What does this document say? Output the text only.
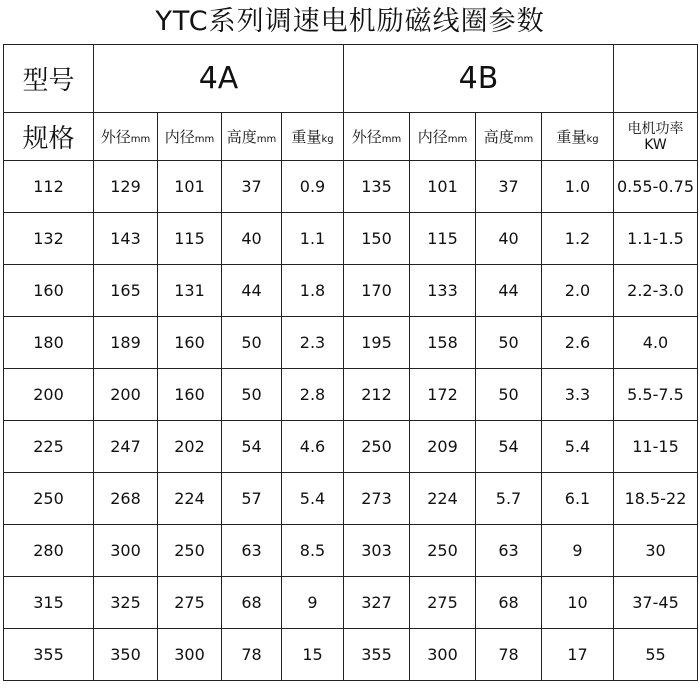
YTC系列调速电机励磁线圈参数
型号	4A				4B				
规格	外径mm	内径mm	高度mm	重量kg	外径mm	内径mm	高度mm	重量kg	电机功率
KW
112	129	101	37	0.9	135	101	37	1.0	0.55-0.75
132	143	115	40	1.1	150	115	40	1.2	1.1-1.5
160	165	131	44	1.8	170	133	44	2.0	2.2-3.0
180	189	160	50	2.3	195	158	50	2.6	4.0
200	200	160	50	2.8	212	172	50	3.3	5.5-7.5
225	247	202	54	4.6	250	209	54	5.4	11-15
250	268	224	57	5.4	273	224	5.7	6.1	18.5-22
280	300	250	63	8.5	303	250	63	9	30
315	325	275	68	9	327	275	68	10	37-45
355	350	300	78	15	355	300	78	17	55
